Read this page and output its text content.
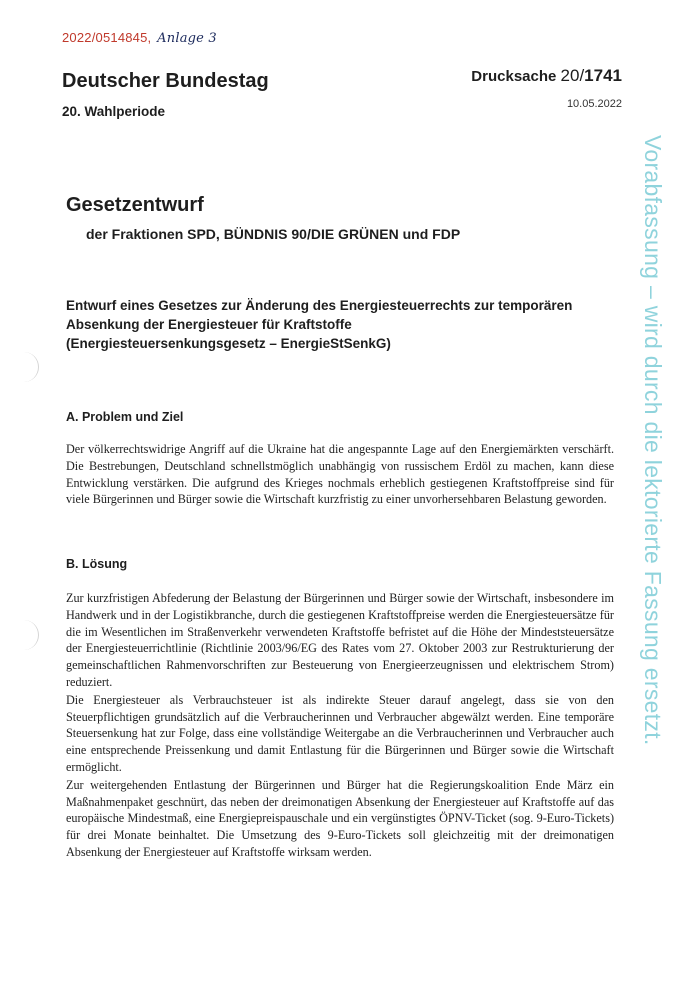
2022/0514845, Anlage 3
Deutscher Bundestag
20. Wahlperiode
Drucksache 20/1741
10.05.2022
Gesetzentwurf
der Fraktionen SPD, BÜNDNIS 90/DIE GRÜNEN und FDP
Entwurf eines Gesetzes zur Änderung des Energiesteuerrechts zur temporären
Absenkung der Energiesteuer für Kraftstoffe
(Energiesteuersenkungsgesetz – EnergieStSenkG)
A. Problem und Ziel

Der völkerrechtswidrige Angriff auf die Ukraine hat die angespannte Lage auf den Energiemärkten verschärft. Die Bestrebungen, Deutschland schnellstmöglich unabhängig von russischem Erdöl zu machen, kann diese Entwicklung verstärken. Die aufgrund des Krieges nochmals erheblich gestiegenen Kraftstoffpreise sind für viele Bürgerinnen und Bürger sowie die Wirtschaft kurzfristig zu einer unvorhersehbaren Belastung geworden.

B. Lösung

Zur kurzfristigen Abfederung der Belastung der Bürgerinnen und Bürger sowie der Wirtschaft, insbesondere im Handwerk und in der Logistikbranche, durch die gestiegenen Kraftstoffpreise werden die Energiesteuersätze für die im Wesentlichen im Straßenverkehr verwendeten Kraftstoffe befristet auf die Höhe der Mindeststeuersätze der Energiesteuerrichtlinie (Richtlinie 2003/96/EG des Rates vom 27. Oktober 2003 zur Restrukturierung der gemeinschaftlichen Rahmenvorschriften zur Besteuerung von Energieerzeugnissen und elektrischem Strom) reduziert.

Die Energiesteuer als Verbrauchsteuer ist als indirekte Steuer darauf angelegt, dass sie von den Steuerpflichtigen grundsätzlich auf die Verbraucherinnen und Verbraucher abgewälzt werden. Eine temporäre Steuersenkung hat zur Folge, dass eine vollständige Weitergabe an die Verbraucherinnen und Verbraucher auch eine entsprechende Preissenkung und damit Entlastung für die Bürgerinnen und Bürger sowie die Wirtschaft ermöglicht.

Zur weitergehenden Entlastung der Bürgerinnen und Bürger hat die Regierungskoalition Ende März ein Maßnahmenpaket geschnürt, das neben der dreimonatigen Absenkung der Energiesteuer auf Kraftstoffe auf das europäische Mindestmaß, eine Energiepreispauschale und ein vergünstigtes ÖPNV-Ticket (sog. 9-Euro-Tickets) für drei Monate beinhaltet. Die Umsetzung des 9-Euro-Tickets soll gleichzeitig mit der dreimonatigen Absenkung der Energiesteuer auf Kraftstoffe wirksam werden.

Vorabfassung – wird durch die lektorierte Fassung ersetzt.
